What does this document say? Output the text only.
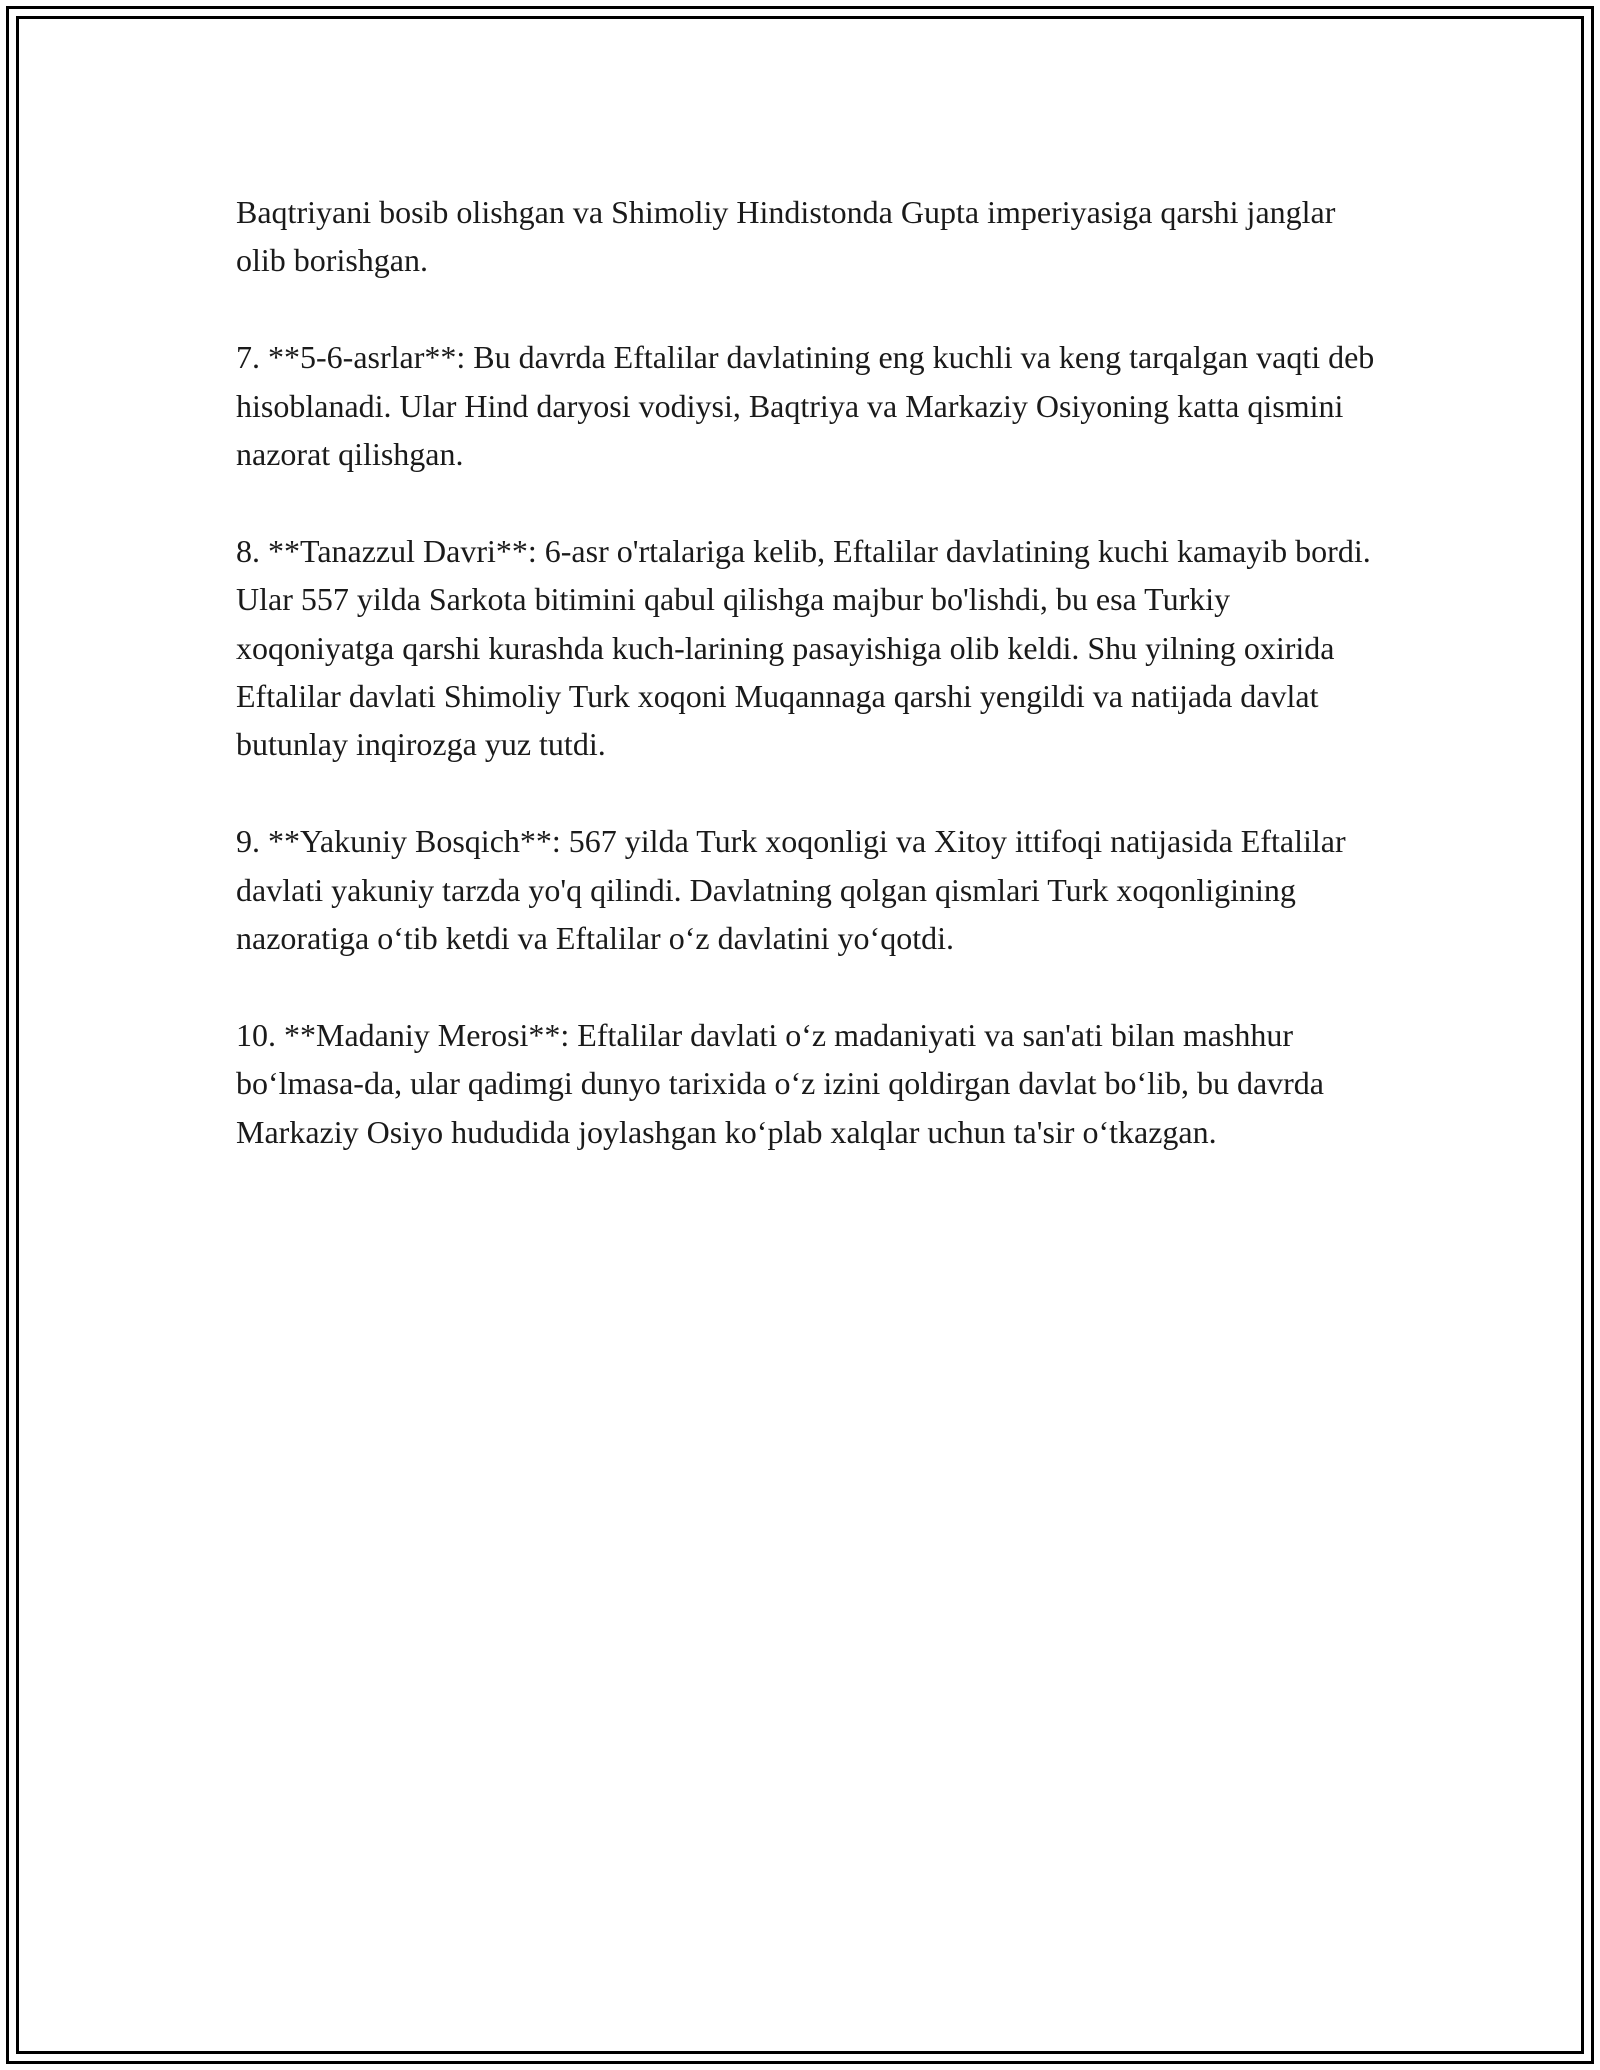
Baqtriyani bosib olishgan va Shimoliy Hindistonda Gupta imperiyasiga qarshi janglar olib borishgan.

7. **5-6-asrlar**: Bu davrda Eftalilar davlatining eng kuchli va keng tarqalgan vaqti deb hisoblanadi. Ular Hind daryosi vodiysi, Baqtriya va Markaziy Osiyoning katta qismini nazorat qilishgan.

8. **Tanazzul Davri**: 6-asr o'rtalariga kelib, Eftalilar davlatining kuchi kamayib bordi. Ular 557 yilda Sarkota bitimini qabul qilishga majbur bo'lishdi, bu esa Turkiy xoqoniyatga qarshi kurashda kuch-larining pasayishiga olib keldi. Shu yilning oxirida Eftalilar davlati Shimoliy Turk xoqoni Muqannaga qarshi yengildi va natijada davlat butunlay inqirozga yuz tutdi.

9. **Yakuniy Bosqich**: 567 yilda Turk xoqonligi va Xitoy ittifoqi natijasida Eftalilar davlati yakuniy tarzda yo'q qilindi. Davlatning qolgan qismlari Turk xoqonligining nazoratiga o‘tib ketdi va Eftalilar o‘z davlatini yo‘qotdi.

10. **Madaniy Merosi**: Eftalilar davlati o‘z madaniyati va san'ati bilan mashhur bo‘lmasa-da, ular qadimgi dunyo tarixida o‘z izini qoldirgan davlat bo‘lib, bu davrda Markaziy Osiyo hududida joylashgan ko‘plab xalqlar uchun ta'sir o‘tkazgan.
